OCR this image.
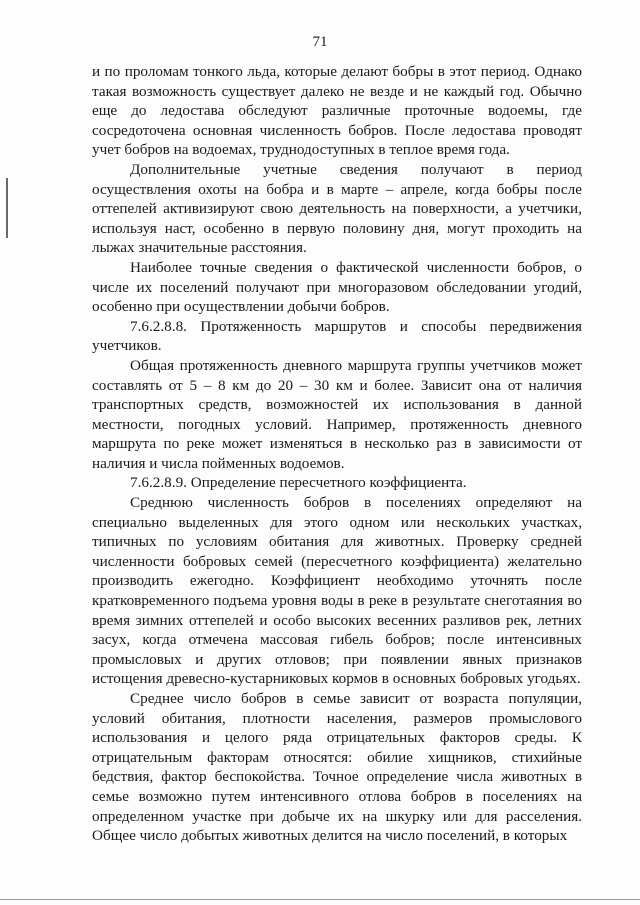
71

и по проломам тонкого льда, которые делают бобры в этот период. Однако такая возможность существует далеко не везде и не каждый год. Обычно еще до ледостава обследуют различные проточные водоемы, где сосредоточена основная численность бобров. После ледостава проводят учет бобров на водоемах, труднодоступных в теплое время года.

Дополнительные учетные сведения получают в период осуществления охоты на бобра и в марте – апреле, когда бобры после оттепелей активизируют свою деятельность на поверхности, а учетчики, используя наст, особенно в первую половину дня, могут проходить на лыжах значительные расстояния.

Наиболее точные сведения о фактической численности бобров, о числе их поселений получают при многоразовом обследовании угодий, особенно при осуществлении добычи бобров.

7.6.2.8.8. Протяженность маршрутов и способы передвижения учетчиков.

Общая протяженность дневного маршрута группы учетчиков может составлять от 5 – 8 км до 20 – 30 км и более. Зависит она от наличия транспортных средств, возможностей их использования в данной местности, погодных условий. Например, протяженность дневного маршрута по реке может изменяться в несколько раз в зависимости от наличия и числа пойменных водоемов.

7.6.2.8.9. Определение пересчетного коэффициента.

Среднюю численность бобров в поселениях определяют на специально выделенных для этого одном или нескольких участках, типичных по условиям обитания для животных. Проверку средней численности бобровых семей (пересчетного коэффициента) желательно производить ежегодно. Коэффициент необходимо уточнять после кратковременного подъема уровня воды в реке в результате снеготаяния во время зимних оттепелей и особо высоких весенних разливов рек, летних засух, когда отмечена массовая гибель бобров; после интенсивных промысловых и других отловов; при появлении явных признаков истощения древесно-кустарниковых кормов в основных бобровых угодьях.

Среднее число бобров в семье зависит от возраста популяции, условий обитания, плотности населения, размеров промыслового использования и целого ряда отрицательных факторов среды. К отрицательным факторам относятся: обилие хищников, стихийные бедствия, фактор беспокойства. Точное определение числа животных в семье возможно путем интенсивного отлова бобров в поселениях на определенном участке при добыче их на шкурку или для расселения. Общее число добытых животных делится на число поселений, в которых
